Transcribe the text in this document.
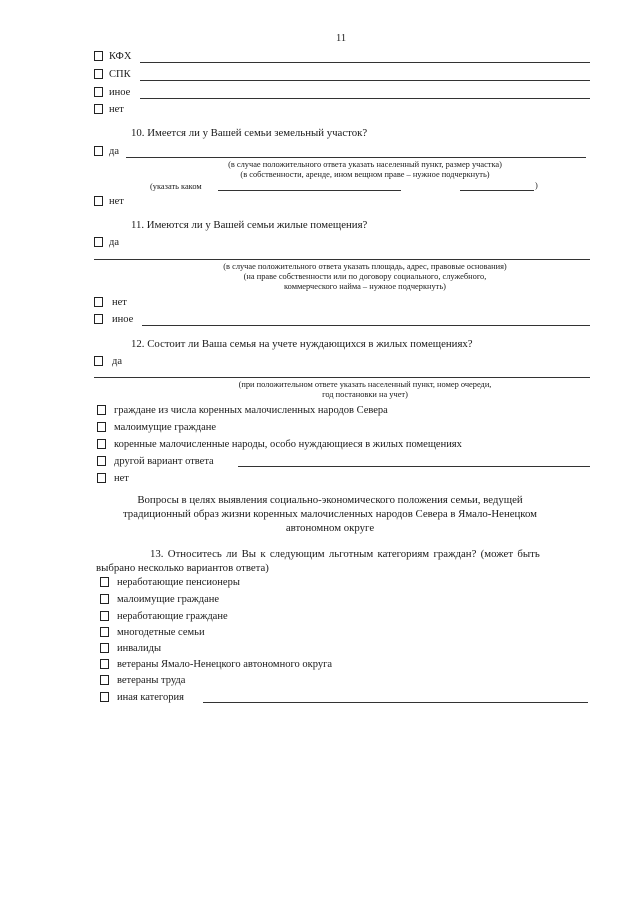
11
КФХ
СПК
иное
нет
10. Имеется ли у Вашей семьи земельный участок?
да
(в случае положительного ответа указать населенный пункт, размер участка)
(в собственности, аренде, ином вещном праве – нужное подчеркнуть)
(указать каком	)
нет
11. Имеются ли у Вашей семьи жилые помещения?
да
(в случае положительного ответа указать площадь, адрес, правовые основания)
(на праве собственности или по договору социального, служебного,
коммерческого найма – нужное подчеркнуть)
нет
иное
12. Состоит ли Ваша семья на учете нуждающихся в жилых помещениях?
да
(при положительном ответе указать населенный пункт, номер очереди,
год постановки на учет)
граждане из числа коренных малочисленных народов Севера
малоимущие граждане
коренные малочисленные народы, особо нуждающиеся в жилых помещениях
другой вариант ответа
нет
Вопросы в целях выявления социально-экономического положения семьи, ведущей
традиционный образ жизни коренных малочисленных народов Севера в Ямало-Ненецком
автономном округе
13. Относитесь ли Вы к следующим льготным категориям граждан? (может быть
выбрано несколько вариантов ответа)
неработающие пенсионеры
малоимущие граждане
неработающие граждане
многодетные семьи
инвалиды
ветераны Ямало-Ненецкого автономного округа
ветераны труда
иная категория
